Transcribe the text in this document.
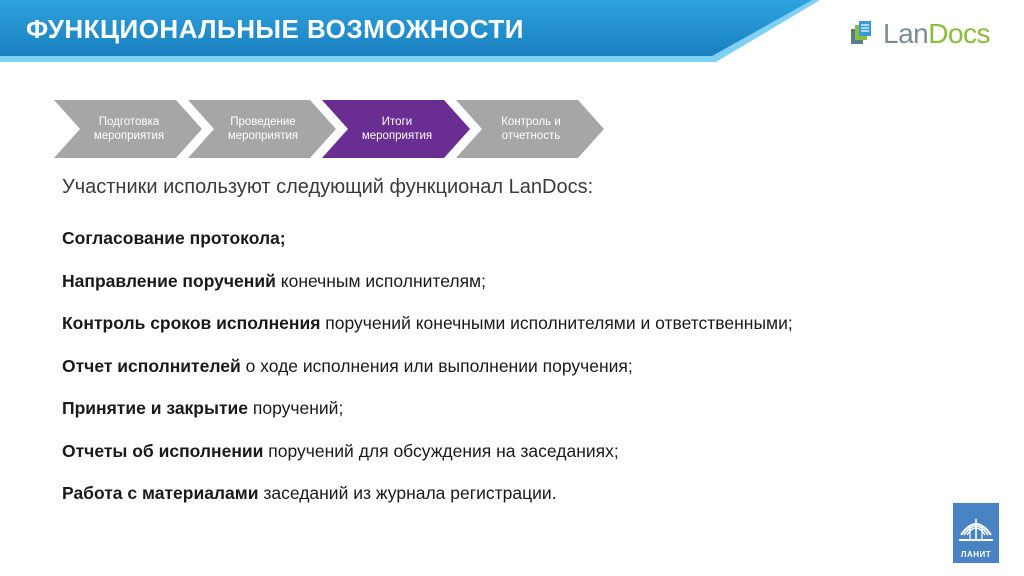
ФУНКЦИОНАЛЬНЫЕ ВОЗМОЖНОСТИ	LanDocs
Подготовка
мероприятия
Проведение
мероприятия
Итоги
мероприятия
Контроль и
отчетность
Участники используют следующий функционал LanDocs:
Согласование протокола;
Направление поручений конечным исполнителям;
Контроль сроков исполнения поручений конечными исполнителями и ответственными;
Отчет исполнителей о ходе исполнения или выполнении поручения;
Принятие и закрытие поручений;
Отчеты об исполнении поручений для обсуждения на заседаниях;
Работа с материалами заседаний из журнала регистрации.
ЛАНИТ
